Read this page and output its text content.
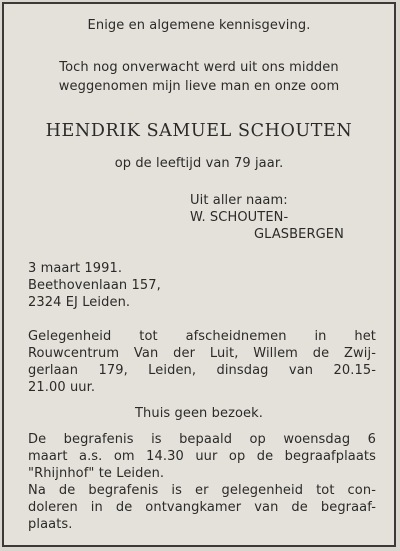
Enige en algemene kennisgeving.
Toch nog onverwacht werd uit ons midden
weggenomen mijn lieve man en onze oom
HENDRIK SAMUEL SCHOUTEN
op de leeftijd van 79 jaar.
Uit aller naam:
W. SCHOUTEN-
GLASBERGEN
3 maart 1991.
Beethovenlaan 157,
2324 EJ Leiden.
Gelegenheid tot afscheidnemen in het
Rouwcentrum Van der Luit, Willem de Zwij-
gerlaan 179, Leiden, dinsdag van 20.15-
21.00 uur.
Thuis geen bezoek.
De begrafenis is bepaald op woensdag 6
maart a.s. om 14.30 uur op de begraafplaats
"Rhijnhof" te Leiden.
Na de begrafenis is er gelegenheid tot con-
doleren in de ontvangkamer van de begraaf-
plaats.
